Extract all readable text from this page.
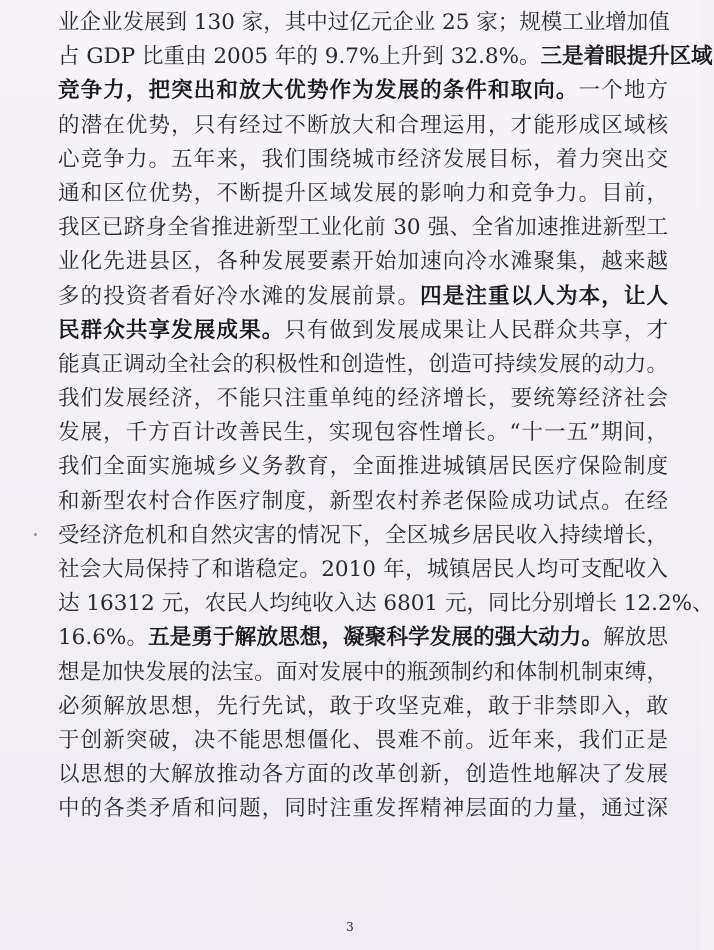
业企业发展到 130 家，其中过亿元企业 25 家；规模工业增加值
占 GDP 比重由 2005 年的 9.7%上升到 32.8%。三是着眼提升区域
竞争力，把突出和放大优势作为发展的条件和取向。一个地方
的潜在优势，只有经过不断放大和合理运用，才能形成区域核
心竞争力。五年来，我们围绕城市经济发展目标，着力突出交
通和区位优势，不断提升区域发展的影响力和竞争力。目前，
我区已跻身全省推进新型工业化前 30 强、全省加速推进新型工
业化先进县区，各种发展要素开始加速向冷水滩聚集，越来越
多的投资者看好冷水滩的发展前景。四是注重以人为本，让人
民群众共享发展成果。只有做到发展成果让人民群众共享，才
能真正调动全社会的积极性和创造性，创造可持续发展的动力。
我们发展经济，不能只注重单纯的经济增长，要统筹经济社会
发展，千方百计改善民生，实现包容性增长。“十一五”期间，
我们全面实施城乡义务教育，全面推进城镇居民医疗保险制度
和新型农村合作医疗制度，新型农村养老保险成功试点。在经
受经济危机和自然灾害的情况下，全区城乡居民收入持续增长，
社会大局保持了和谐稳定。2010 年，城镇居民人均可支配收入
达 16312 元，农民人均纯收入达 6801 元，同比分别增长 12.2%、
16.6%。五是勇于解放思想，凝聚科学发展的强大动力。解放思
想是加快发展的法宝。面对发展中的瓶颈制约和体制机制束缚，
必须解放思想，先行先试，敢于攻坚克难，敢于非禁即入，敢
于创新突破，决不能思想僵化、畏难不前。近年来，我们正是
以思想的大解放推动各方面的改革创新，创造性地解决了发展
中的各类矛盾和问题，同时注重发挥精神层面的力量，通过深
3
